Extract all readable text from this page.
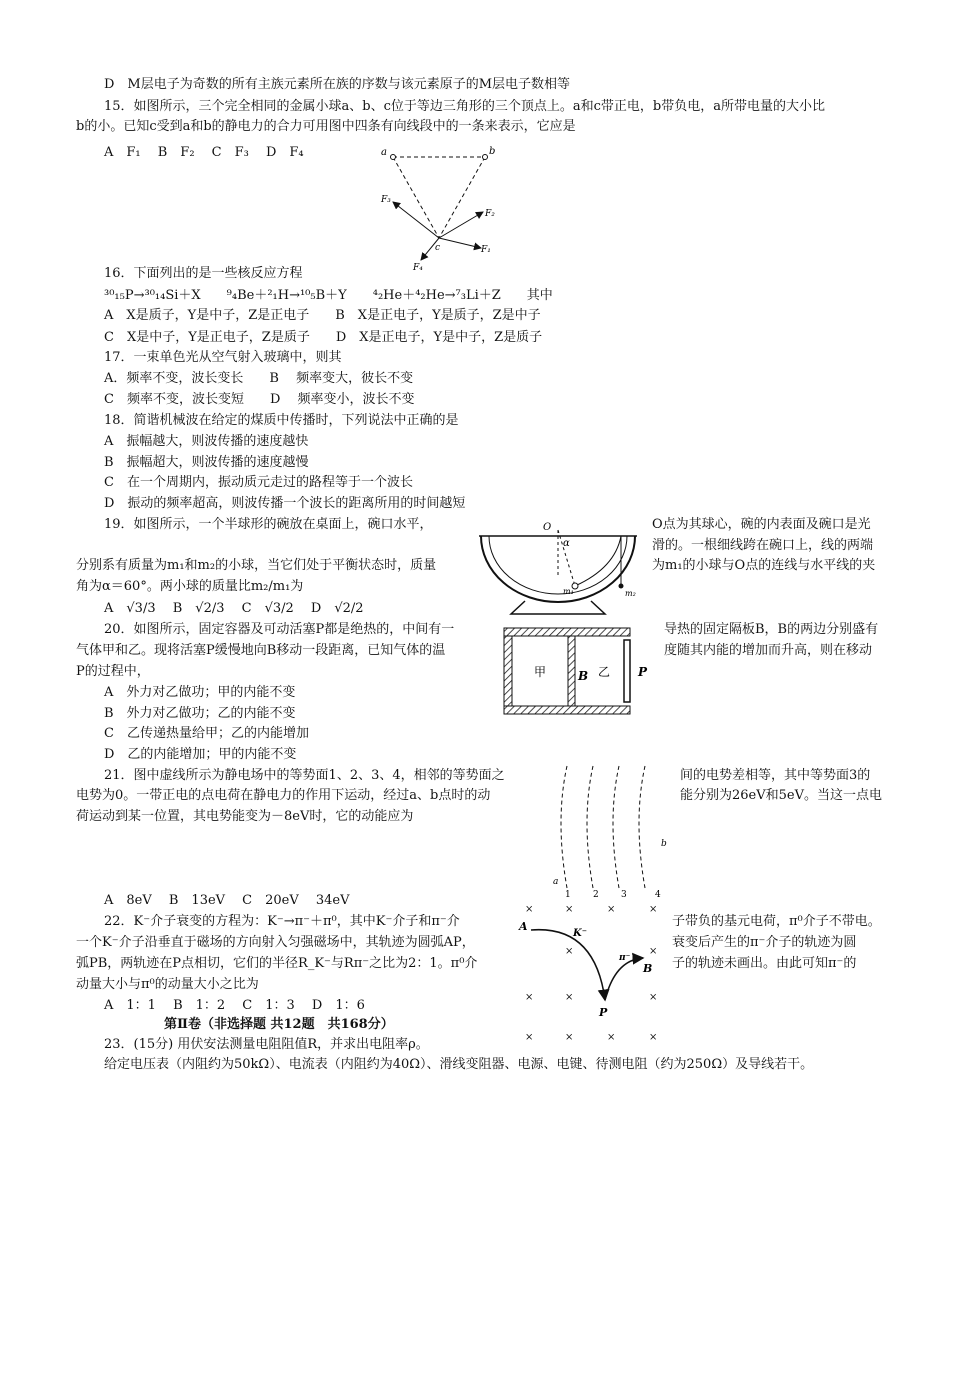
D　M层电子为奇数的所有主族元素所在族的序数与该元素原子的M层电子数相等
15．如图所示，三个完全相同的金属小球a、b、c位于等边三角形的三个顶点上。a和c带正电，b带负电，a所带电量的大小比
b的小。已知c受到a和b的静电力的合力可用图中四条有向线段中的一条来表示，它应是
A　F₁　 B　F₂　 C　F₃　 D　F₄	a	b
c	F₁
F₂
F₃
F₄
16．下面列出的是一些核反应方程
³⁰₁₅P→³⁰₁₄Si＋X　　⁹₄Be＋²₁H→¹⁰₅B＋Y　　⁴₂He＋⁴₂He→⁷₃Li＋Z　　其中
A　X是质子，Y是中子，Z是正电子　　B　X是正电子，Y是质子，Z是中子
C　X是中子，Y是正电子，Z是质子　　D　X是正电子，Y是中子，Z是质子
17．一束单色光从空气射入玻璃中，则其
A．频率不变，波长变长　　B　 频率变大，彼长不变
C　频率不变，波长变短　　D　 频率变小，波长不变
18．简谐机械波在给定的煤质中传播时，下列说法中正确的是
A　振幅越大，则波传播的速度越快
B　振幅超大，则波传播的速度越慢
C　在一个周期内，振动质元走过的路程等于一个波长
D　振动的频率超高，则波传播一个波长的距离所用的时间越短
19．如图所示，一个半球形的碗放在桌面上，碗口水平，	O点为其球心，碗的内表面及碗口是光
分别系有质量为m₁和m₂的小球，当它们处于平衡状态时，质量
滑的。一根细线跨在碗口上，线的两端
角为α＝60°。两小球的质量比m₂/m₁为
为m₁的小球与O点的连线与水平线的夹
A　√3/3　 B　√2/3　 C　√3/2　 D　√2/2
O
α
m₁	m₂
20．如图所示，固定容器及可动活塞P都是绝热的，中间有一	导热的固定隔板B，B的两边分别盛有
气体甲和乙。现将活塞P缓慢地向B移动一段距离，已知气体的温	度随其内能的增加而升高，则在移动
P的过程中，
A　外力对乙做功；甲的内能不变
B　外力对乙做功；乙的内能不变
C　乙传递热量给甲；乙的内能增加
D　乙的内能增加；甲的内能不变
甲	B 乙 P
21．图中虚线所示为静电场中的等势面1、2、3、4，相邻的等势面之	间的电势差相等，其中等势面3的
电势为0。一带正电的点电荷在静电力的作用下运动，经过a、b点时的动	能分别为26eV和5eV。当这一点电
荷运动到某一位置，其电势能变为－8eV时，它的动能应为
A　8eV　 B　13eV　 C　20eV　 34eV	1 2 3	4
a
b
22．K⁻介子衰变的方程为：K⁻→π⁻＋π⁰，其中K⁻介子和π⁻介	子带负的基元电荷，π⁰介子不带电。
一个K⁻介子沿垂直于磁场的方向射入匀强磁场中，其轨迹为圆弧AP，	衰变后产生的π⁻介子的轨迹为圆
弧PB，两轨迹在P点相切，它们的半径R_K⁻与Rπ⁻之比为2：1。π⁰介	子的轨迹未画出。由此可知π⁻的
动量大小与π⁰的动量大小之比为
A　1：1　 B　1：2　 C　1：3　 D　1：6
×	×	×	×
×	×
×	×	×
×	×	×	×
A
K⁻
π⁻
B
P
第Ⅱ卷（非选择题 共12题　共168分）
23．(15分) 用伏安法测量电阻阻值R，并求出电阻率ρ。
给定电压表（内阻约为50kΩ）、电流表（内阻约为40Ω）、滑线变阻器、电源、电键、待测电阻（约为250Ω）及导线若干。
